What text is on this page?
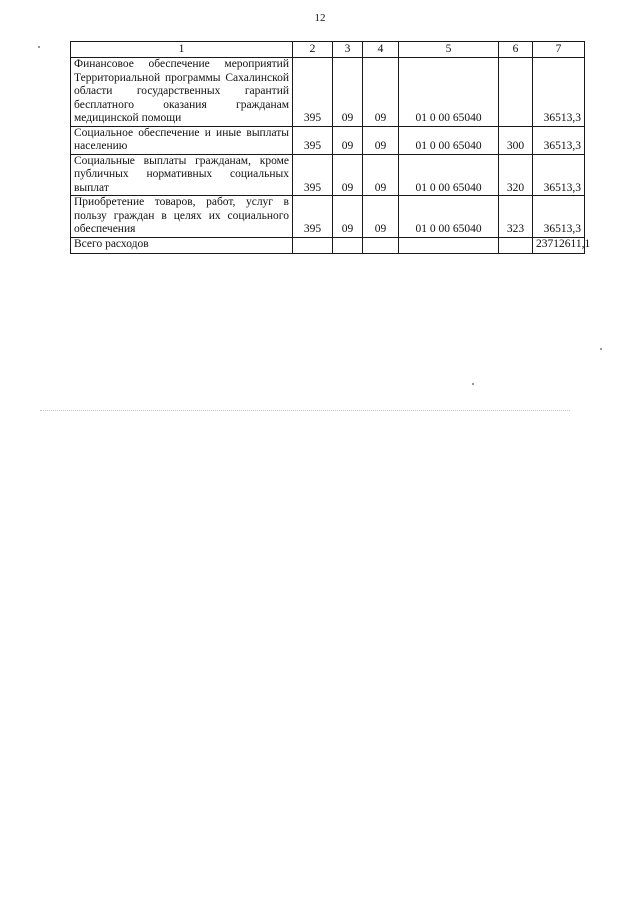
12
1	2	3	4	5	6	7
Финансовое обеспечение мероприятий Территориальной программы Сахалинской области государственных гарантий бесплатного оказания гражданам медицинской помощи	395	09	09	01 0 00 65040		36513,3
Социальное обеспечение и иные выплаты населению	395	09	09	01 0 00 65040	300	36513,3
Социальные выплаты гражданам, кроме публичных нормативных социальных выплат	395	09	09	01 0 00 65040	320	36513,3
Приобретение товаров, работ, услуг в пользу граждан в целях их социального обеспечения	395	09	09	01 0 00 65040	323	36513,3
Всего расходов						23712611,1
